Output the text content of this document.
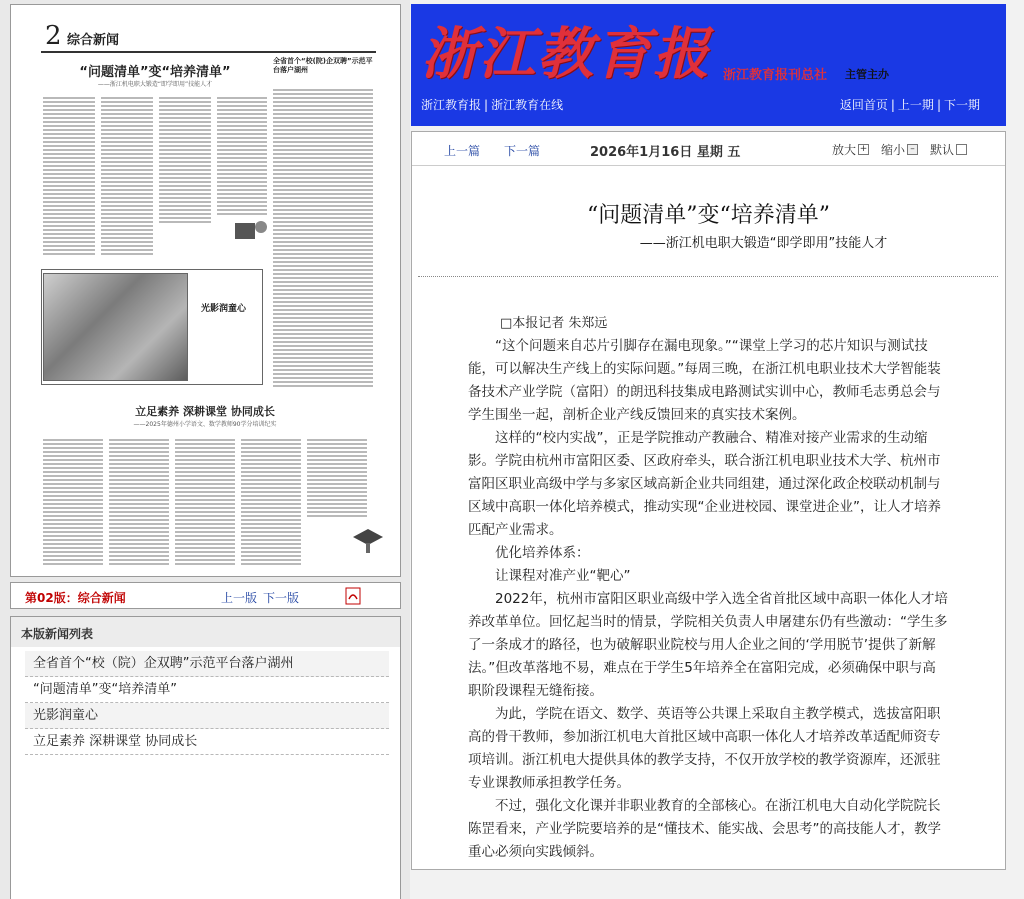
2 综合新闻
“问题清单”变“培养清单”
——浙江机电职大锻造“即学即用”技能人才
全省首个“校(院)企双聘”示范平台落户湖州
光影润童心
立足素养 深耕课堂 协同成长
——2025年德州小学语文、数学教师90学分培训纪实
第02版：综合新闻	上一版 下一版
本版新闻列表
全省首个“校（院）企双聘”示范平台落户湖州
“问题清单”变“培养清单”
光影润童心
立足素养 深耕课堂 协同成长
浙江教育报 浙江教育报刊总社 主管主办
浙江教育报 | 浙江教育在线	返回首页 | 上一期 | 下一期
上一篇 下一篇	2026年1月16日 星期 五	放大 + 缩小 – 默认
“问题清单”变“培养清单”
——浙江机电职大锻造“即学即用”技能人才
□本报记者 朱郑远

“这个问题来自芯片引脚存在漏电现象。”“课堂上学习的芯片知识与测试技能，可以解决生产线上的实际问题。”每周三晚，在浙江机电职业技术大学智能装备技术产业学院（富阳）的朗迅科技集成电路测试实训中心，教师毛志勇总会与学生围坐一起，剖析企业产线反馈回来的真实技术案例。

这样的“校内实战”，正是学院推动产教融合、精准对接产业需求的生动缩影。学院由杭州市富阳区委、区政府牵头，联合浙江机电职业技术大学、杭州市富阳区职业高级中学与多家区域高新企业共同组建，通过深化政企校联动机制与区域中高职一体化培养模式，推动实现“企业进校园、课堂进企业”，让人才培养匹配产业需求。

优化培养体系：

让课程对准产业“靶心”

2022年，杭州市富阳区职业高级中学入选全省首批区域中高职一体化人才培养改革单位。回忆起当时的情景，学院相关负责人申屠建东仍有些激动：“学生多了一条成才的路径，也为破解职业院校与用人企业之间的‘学用脱节’提供了新解法。”但改革落地不易，难点在于学生5年培养全在富阳完成，必须确保中职与高职阶段课程无缝衔接。

为此，学院在语文、数学、英语等公共课上采取自主教学模式，选拔富阳职高的骨干教师，参加浙江机电大首批区域中高职一体化人才培养改革适配师资专项培训。浙江机电大提供具体的教学支持，不仅开放学校的教学资源库，还派驻专业课教师承担教学任务。

不过，强化文化课并非职业教育的全部核心。在浙江机电大自动化学院院长陈罡看来，产业学院要培养的是“懂技术、能实战、会思考”的高技能人才，教学重心必须向实践倾斜。
